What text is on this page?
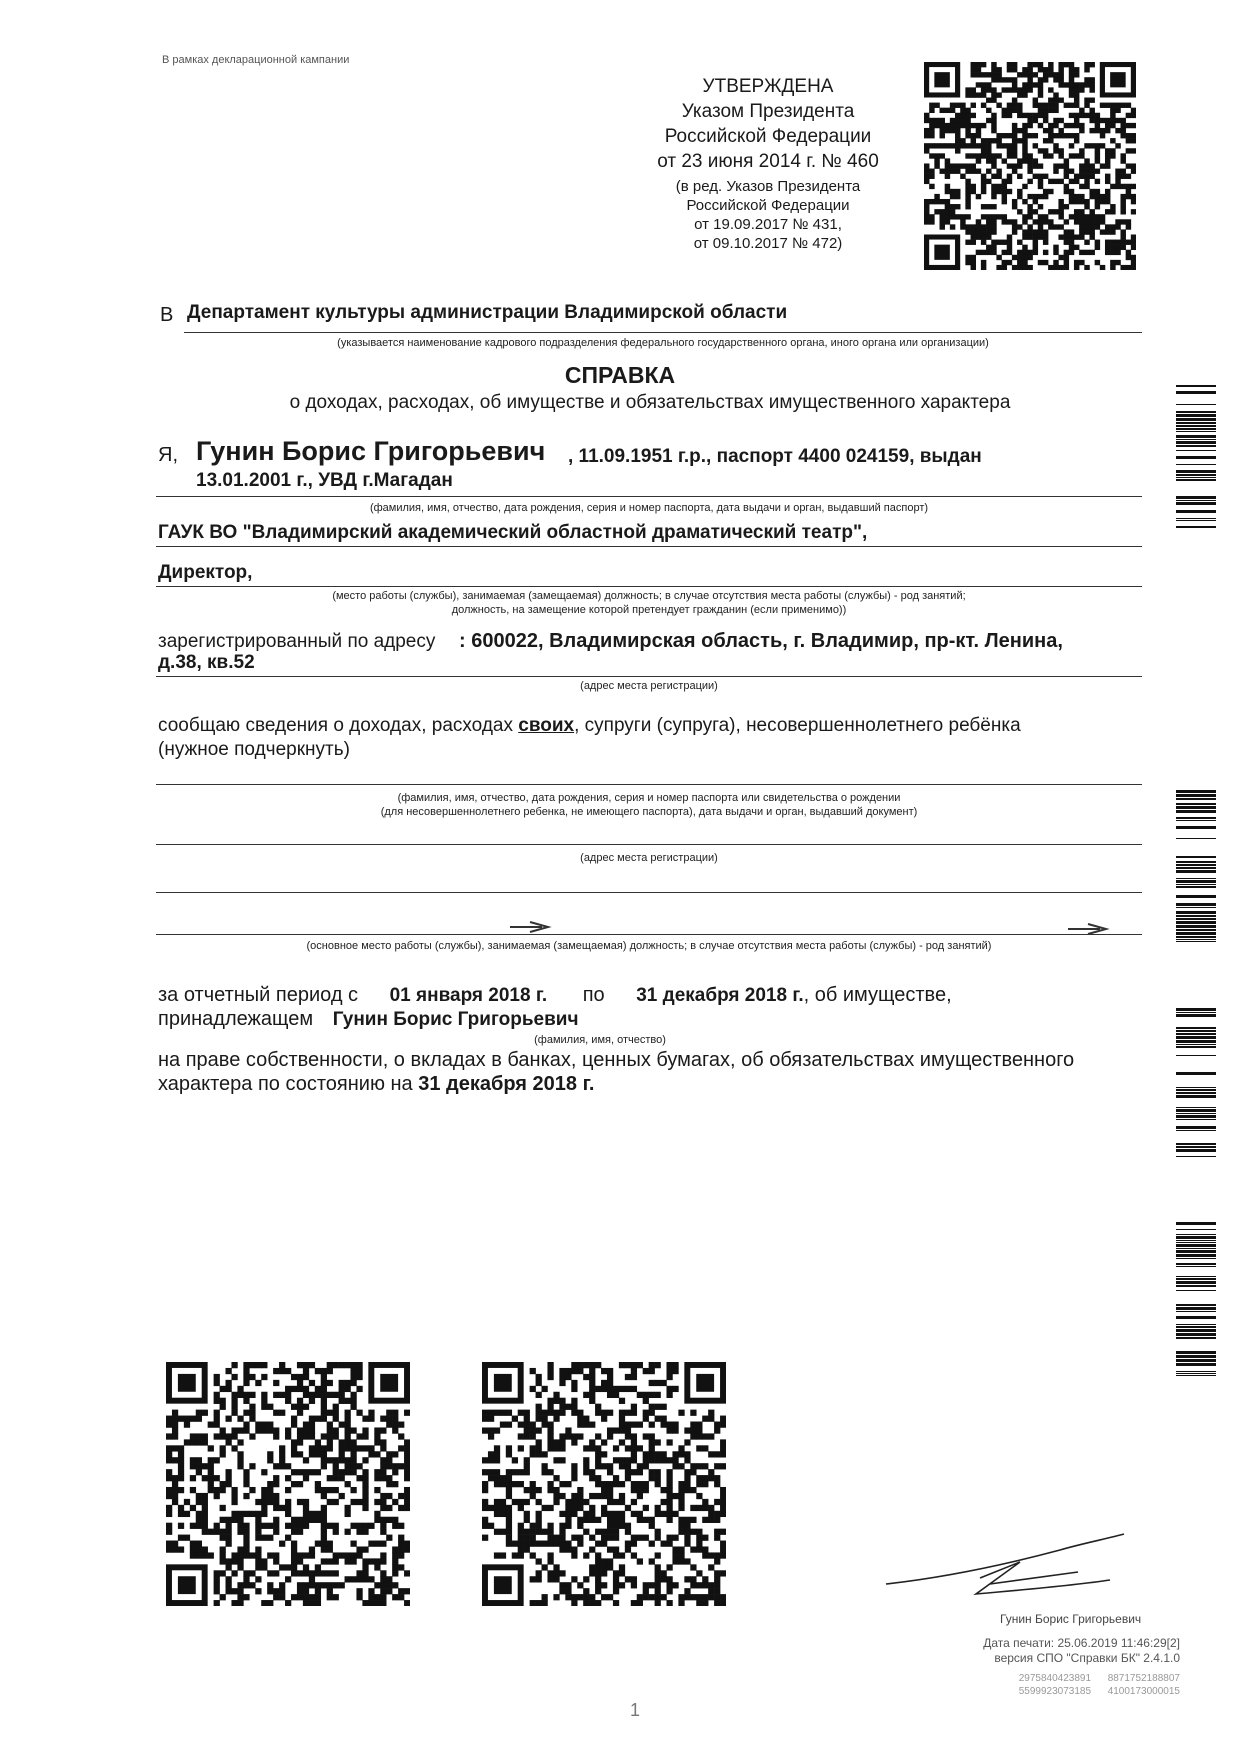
В рамках декларационной кампании
УТВЕРЖДЕНА
Указом Президента
Российской Федерации
от 23 июня 2014 г. № 460
(в ред. Указов Президента
Российской Федерации
от 19.09.2017 № 431,
от 09.10.2017 № 472)
В Департамент культуры администрации Владимирской области
(указывается наименование кадрового подразделения федерального государственного органа, иного органа или организации)
СПРАВКА
о доходах, расходах, об имуществе и обязательствах имущественного характера
Я, Гунин Борис Григорьевич , 11.09.1951 г.р., паспорт 4400 024159, выдан
13.01.2001 г., УВД г.Магадан
(фамилия, имя, отчество, дата рождения, серия и номер паспорта, дата выдачи и орган, выдавший паспорт)
ГАУК ВО "Владимирский академический областной драматический театр",
Директор,
(место работы (службы), занимаемая (замещаемая) должность; в случае отсутствия места работы (службы) - род занятий;
должность, на замещение которой претендует гражданин (если применимо))
зарегистрированный по адресу : 600022, Владимирская область, г. Владимир, пр-кт. Ленина,
д.38, кв.52
(адрес места регистрации)
сообщаю сведения о доходах, расходах своих, супруги (супруга), несовершеннолетнего ребёнка
(нужное подчеркнуть)
(фамилия, имя, отчество, дата рождения, серия и номер паспорта или свидетельства о рождении
(для несовершеннолетнего ребенка, не имеющего паспорта), дата выдачи и орган, выдавший документ)
(адрес места регистрации)
(основное место работы (службы), занимаемая (замещаемая) должность; в случае отсутствия места работы (службы) - род занятий)
за отчетный период с 01 января 2018 г. по 31 декабря 2018 г., об имуществе,
принадлежащем Гунин Борис Григорьевич
(фамилия, имя, отчество)
на праве собственности, о вкладах в банках, ценных бумагах, об обязательствах имущественного
характера по состоянию на 31 декабря 2018 г.
Гунин Борис Григорьевич
Дата печати: 25.06.2019 11:46:29[2]
версия СПО "Справки БК" 2.4.1.0
2975840423891 8871752188807
5599923073185 4100173000015
1
